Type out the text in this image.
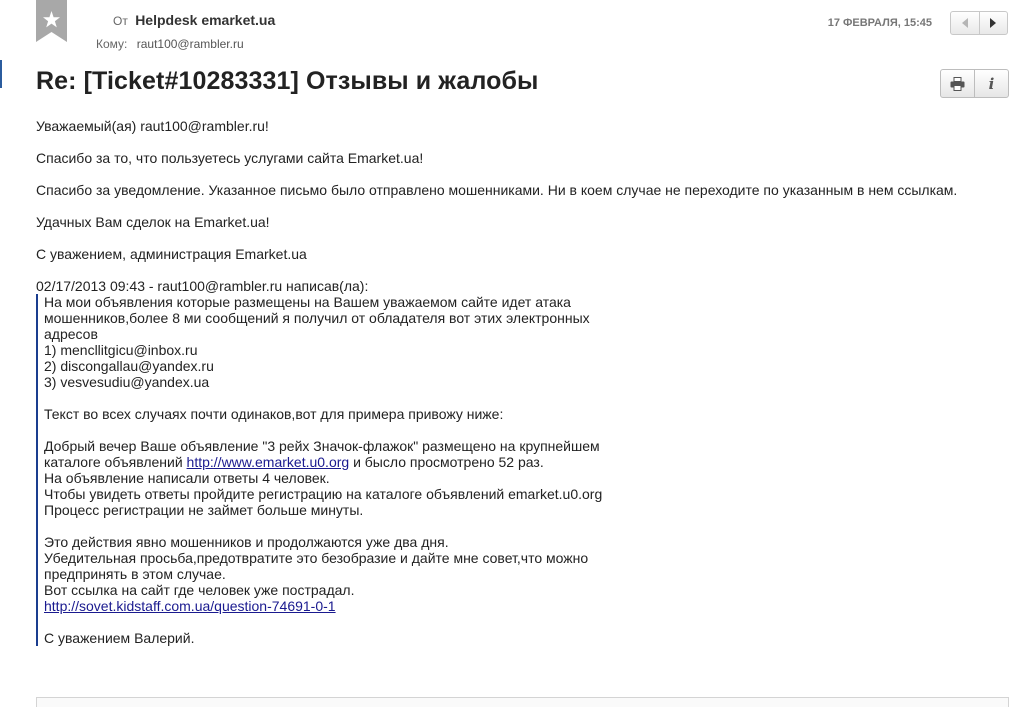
От Helpdesk emarket.ua
Кому: raut100@rambler.ru
17 ФЕВРАЛЯ, 15:45
Re: [Ticket#10283331] Отзывы и жалобы	i

Уважаемый(ая) raut100@rambler.ru!

Спасибо за то, что пользуетесь услугами сайта Emarket.ua!

Спасибо за уведомление. Указанное письмо было отправлено мошенниками. Ни в коем случае не переходите по указанным в нем ссылкам.

Удачных Вам сделок на Emarket.ua!

С уважением, администрация Emarket.ua

02/17/2013 09:43 - raut100@rambler.ru написав(ла):

На мои объявления которые размещены на Вашем уважаемом сайте идет атака
мошенников,более 8 ми сообщений я получил от обладателя вот этих электронных
адресов
1) mencllitgicu@inbox.ru
2) discongallau@yandex.ru
3) vesvesudiu@yandex.ua
Текст во всех случаях почти одинаков,вот для примера привожу ниже:
Добрый вечер Ваше объявление "3 рейх Значок-флажок" размещено на крупнейшем
каталоге объявлений http://www.emarket.u0.org и бысло просмотрено 52 раз.
На объявление написали ответы 4 человек.
Чтобы увидеть ответы пройдите регистрацию на каталоге объявлений emarket.u0.org
Процесс регистрации не займет больше минуты.
Это действия явно мошенников и продолжаются уже два дня.
Убедительная просьба,предотвратите это безобразие и дайте мне совет,что можно
предпринять в этом случае.
Вот ссылка на сайт где человек уже пострадал.
http://sovet.kidstaff.com.ua/question-74691-0-1
С уважением Валерий.
